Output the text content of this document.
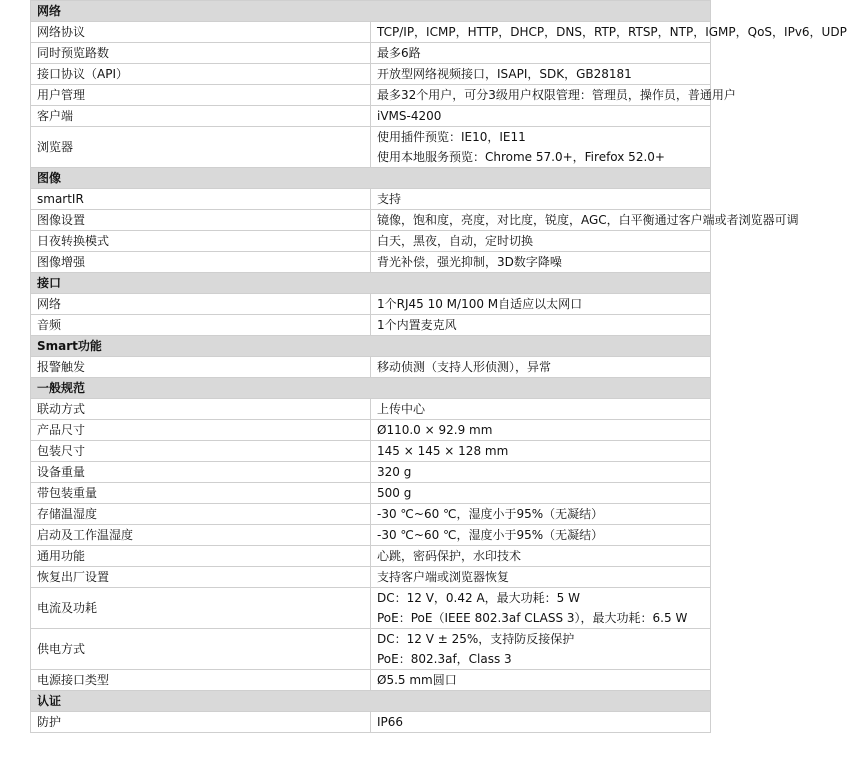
网络	
网络协议	TCP/IP，ICMP，HTTP，DHCP，DNS，RTP，RTSP，NTP，IGMP，QoS，IPv6，UDP

同时预览路数	最多6路

接口协议（API）	开放型网络视频接口，ISAPI，SDK，GB28181

用户管理	最多32个用户，可分3级用户权限管理：管理员，操作员，普通用户

客户端	iVMS-4200

浏览器	使用插件预览：IE10，IE11
使用本地服务预览：Chrome 57.0+，Firefox 52.0+

图像	
smartIR	支持

图像设置	镜像，饱和度，亮度，对比度，锐度，AGC，白平衡通过客户端或者浏览器可调

日夜转换模式	白天，黑夜，自动，定时切换

图像增强	背光补偿，强光抑制，3D数字降噪

接口	
网络	1个RJ45 10 M/100 M自适应以太网口

音频	1个内置麦克风

Smart功能	
报警触发	移动侦测（支持人形侦测），异常

一般规范	
联动方式	上传中心

产品尺寸	Ø110.0 × 92.9 mm

包装尺寸	145 × 145 × 128 mm

设备重量	320 g

带包装重量	500 g

存储温湿度	-30 ℃~60 ℃，湿度小于95%（无凝结）

启动及工作温湿度	-30 ℃~60 ℃，湿度小于95%（无凝结）

通用功能	心跳，密码保护，水印技术

恢复出厂设置	支持客户端或浏览器恢复

电流及功耗	DC：12 V，0.42 A，最大功耗：5 W
PoE：PoE（IEEE 802.3af CLASS 3），最大功耗：6.5 W

供电方式	DC：12 V ± 25%，支持防反接保护
PoE：802.3af，Class 3

电源接口类型	Ø5.5 mm圆口

认证	
防护	IP66
